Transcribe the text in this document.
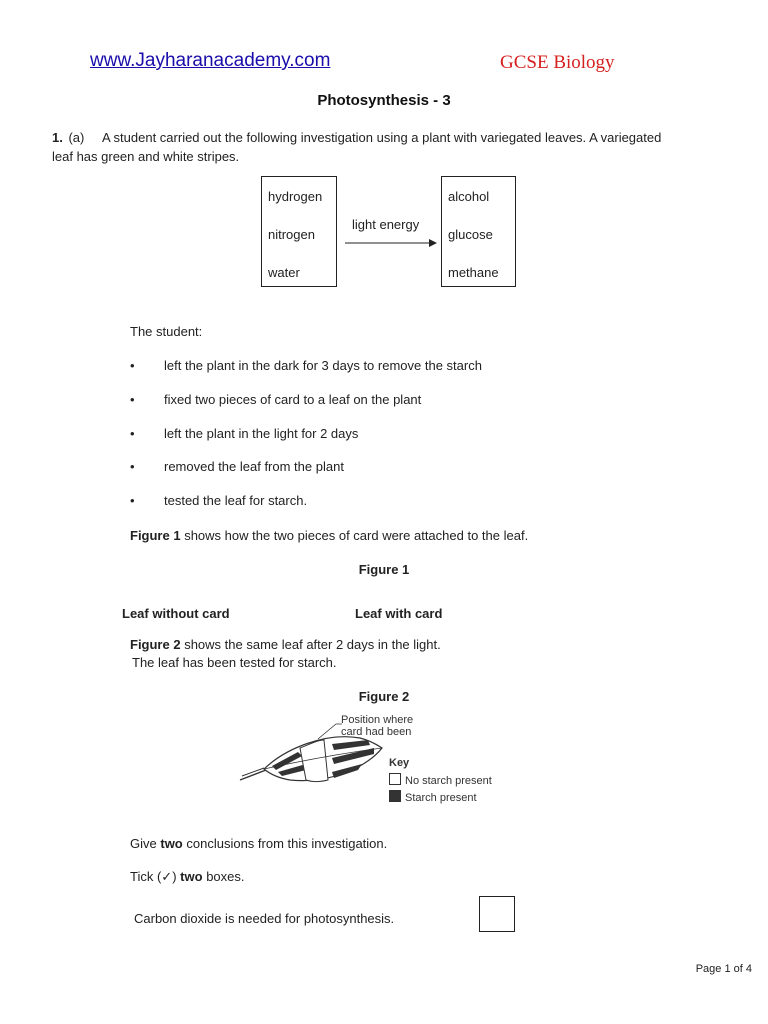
www.Jayharanacademy.com	GCSE Biology
Photosynthesis - 3
1. (a) A student carried out the following investigation using a plant with variegated leaves. A variegated leaf has green and white stripes.
hydrogen
nitrogen
water
light energy
alcohol
glucose
methane
The student:
• left the plant in the dark for 3 days to remove the starch
• fixed two pieces of card to a leaf on the plant
• left the plant in the light for 2 days
• removed the leaf from the plant
• tested the leaf for starch.
Figure 1 shows how the two pieces of card were attached to the leaf.
Figure 1
Leaf without card	Leaf with card
Figure 2 shows the same leaf after 2 days in the light.
The leaf has been tested for starch.
Figure 2
Position where
card had been
Key
No starch present
Starch present
Give two conclusions from this investigation.
Tick (✓) two boxes.
Carbon dioxide is needed for photosynthesis.
Page 1 of 4
